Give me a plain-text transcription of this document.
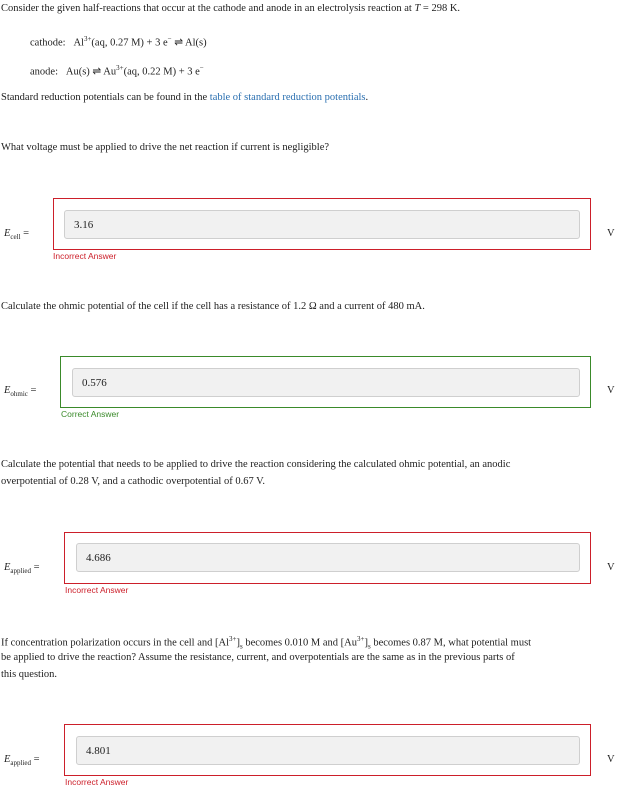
Consider the given half-reactions that occur at the cathode and anode in an electrolysis reaction at T = 298 K.
cathode: $Al^{3+}(aq$, 0.27 M) + 3 e− ⇌ Al(s)
anode: Au(s) ⇌ $Au^{3+}(aq$, 0.22 M) + 3 e−
Standard reduction potentials can be found in the table of standard reduction potentials.
What voltage must be applied to drive the net reaction if current is negligible?
$E_{cell}$ =
3.16
Incorrect Answer
V
Calculate the ohmic potential of the cell if the cell has a resistance of 1.2 Ω and a current of 480 mA.
$E_{ohmic}$ =
0.576
Correct Answer
V
Calculate the potential that needs to be applied to drive the reaction considering the calculated ohmic potential, an anodic
overpotential of 0.28 V, and a cathodic overpotential of 0.67 V.
$E_{applied}$ =
4.686
Incorrect Answer
V
If concentration polarization occurs in the cell and $[Al^{3+}]_s$ becomes 0.010 M and $[Au^{3+}]_s$ becomes 0.87 M, what potential must
be applied to drive the reaction? Assume the resistance, current, and overpotentials are the same as in the previous parts of
this question.
$E_{applied}$ =
4.801
Incorrect Answer
V
